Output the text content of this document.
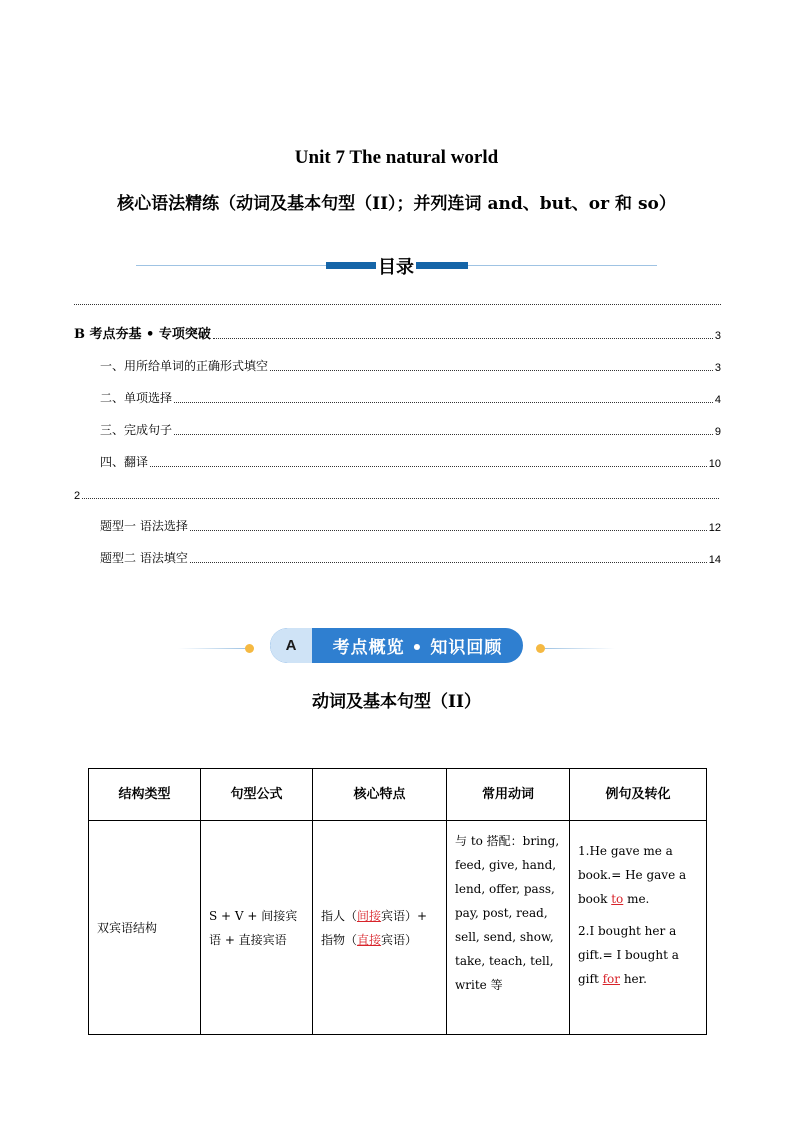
Unit 7 The natural world
核心语法精练（动词及基本句型（II）；并列连词 and、but、or 和 so）
目录
B 考点夯基 • 专项突破	3
一、用所给单词的正确形式填空	3
二、单项选择	4
三、完成句子	9
四、翻译	10
2
题型一 语法选择	12
题型二 语法填空	14
A	考点概览 • 知识回顾
动词及基本句型（II）
结构类型	句型公式	核心特点	常用动词	例句及转化
双宾语结构	S + V + 间接宾语 + 直接宾语	指人（间接宾语）+ 指物（直接宾语）	与 to 搭配：bring, feed, give, hand, lend, offer, pass, pay, post, read, sell, send, show, take, teach, tell, write 等	1.He gave me a book.= He gave a book to me.
2.I bought her a gift.= I bought a gift for her.
